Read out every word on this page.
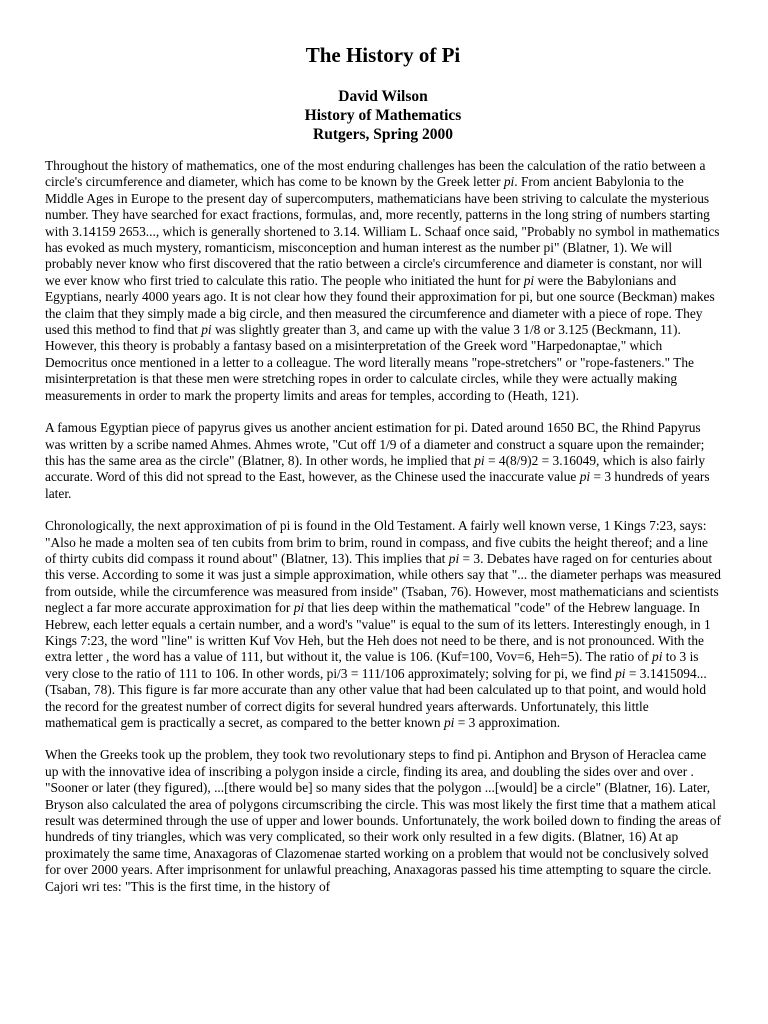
The History of Pi
David Wilson
History of Mathematics
Rutgers, Spring 2000

Throughout the history of mathematics, one of the most enduring challenges has been the calculation of the ratio between a circle's circumference and diameter, which has come to be known by the Greek letter pi. From ancient Babylonia to the Middle Ages in Europe to the present day of supercomputers, mathematicians have been striving to calculate the mysterious number. They have searched for exact fractions, formulas, and, more recently, patterns in the long string of numbers starting with 3.14159 2653..., which is generally shortened to 3.14. William L. Schaaf once said, "Probably no symbol in mathematics has evoked as much mystery, romanticism, misconception and human interest as the number pi" (Blatner, 1). We will probably never know who first discovered that the ratio between a circle's circumference and diameter is constant, nor will we ever know who first tried to calculate this ratio. The people who initiated the hunt for pi were the Babylonians and Egyptians, nearly 4000 years ago. It is not clear how they found their approximation for pi, but one source (Beckman) makes the claim that they simply made a big circle, and then measured the circumference and diameter with a piece of rope. They used this method to find that pi was slightly greater than 3, and came up with the value 3 1/8 or 3.125 (Beckmann, 11). However, this theory is probably a fantasy based on a misinterpretation of the Greek word "Harpedonaptae," which Democritus once mentioned in a letter to a colleague. The word literally means "rope-stretchers" or "rope-fasteners." The misinterpretation is that these men were stretching ropes in order to calculate circles, while they were actually making measurements in order to mark the property limits and areas for temples, according to (Heath, 121).

A famous Egyptian piece of papyrus gives us another ancient estimation for pi. Dated around 1650 BC, the Rhind Papyrus was written by a scribe named Ahmes. Ahmes wrote, "Cut off 1/9 of a diameter and construct a square upon the remainder; this has the same area as the circle" (Blatner, 8). In other words, he implied that pi = 4(8/9)2 = 3.16049, which is also fairly accurate. Word of this did not spread to the East, however, as the Chinese used the inaccurate value pi = 3 hundreds of years later.

Chronologically, the next approximation of pi is found in the Old Testament. A fairly well known verse, 1 Kings 7:23, says: "Also he made a molten sea of ten cubits from brim to brim, round in compass, and five cubits the height thereof; and a line of thirty cubits did compass it round about" (Blatner, 13). This implies that pi = 3. Debates have raged on for centuries about this verse. According to some it was just a simple approximation, while others say that "... the diameter perhaps was measured from outside, while the circumference was measured from inside" (Tsaban, 76). However, most mathematicians and scientists neglect a far more accurate approximation for pi that lies deep within the mathematical "code" of the Hebrew language. In Hebrew, each letter equals a certain number, and a word's "value" is equal to the sum of its letters. Interestingly enough, in 1 Kings 7:23, the word "line" is written Kuf Vov Heh, but the Heh does not need to be there, and is not pronounced. With the extra letter , the word has a value of 111, but without it, the value is 106. (Kuf=100, Vov=6, Heh=5). The ratio of pi to 3 is very close to the ratio of 111 to 106. In other words, pi/3 = 111/106 approximately; solving for pi, we find pi = 3.1415094... (Tsaban, 78). This figure is far more accurate than any other value that had been calculated up to that point, and would hold the record for the greatest number of correct digits for several hundred years afterwards. Unfortunately, this little mathematical gem is practically a secret, as compared to the better known pi = 3 approximation.

When the Greeks took up the problem, they took two revolutionary steps to find pi. Antiphon and Bryson of Heraclea came up with the innovative idea of inscribing a polygon inside a circle, finding its area, and doubling the sides over and over . "Sooner or later (they figured), ...[there would be] so many sides that the polygon ...[would] be a circle" (Blatner, 16). Later, Bryson also calculated the area of polygons circumscribing the circle. This was most likely the first time that a mathem atical result was determined through the use of upper and lower bounds. Unfortunately, the work boiled down to finding the areas of hundreds of tiny triangles, which was very complicated, so their work only resulted in a few digits. (Blatner, 16) At ap proximately the same time, Anaxagoras of Clazomenae started working on a problem that would not be conclusively solved for over 2000 years. After imprisonment for unlawful preaching, Anaxagoras passed his time attempting to square the circle. Cajori wri tes: "This is the first time, in the history of
